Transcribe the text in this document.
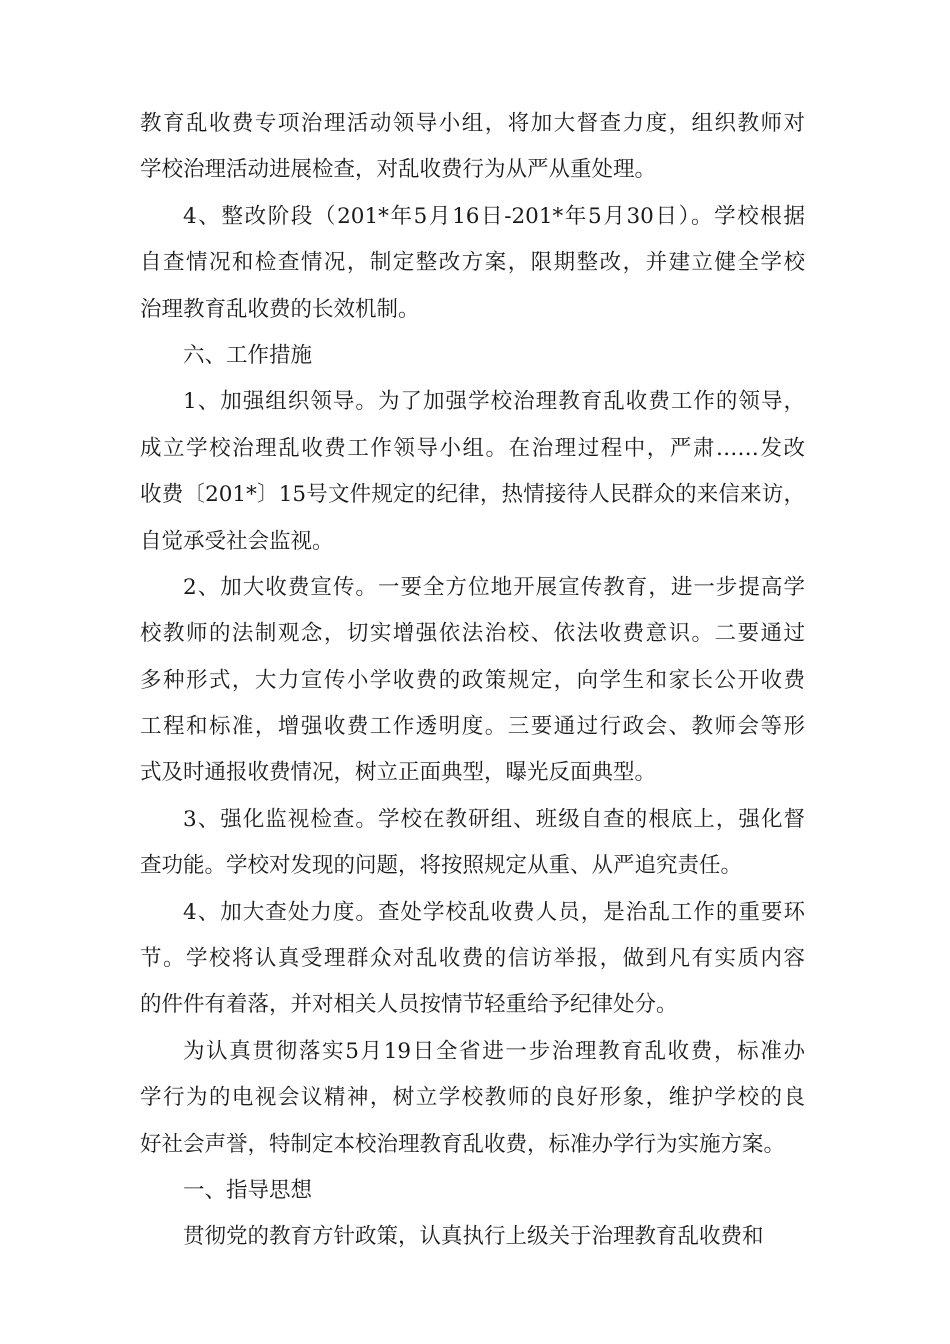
教育乱收费专项治理活动领导小组，将加大督查力度，组织教师对
学校治理活动进展检查，对乱收费行为从严从重处理。
4、整改阶段（201*年5月16日-201*年5月30日）。学校根据
自查情况和检查情况，制定整改方案，限期整改，并建立健全学校
治理教育乱收费的长效机制。
六、工作措施
1、加强组织领导。为了加强学校治理教育乱收费工作的领导，
成立学校治理乱收费工作领导小组。在治理过程中，严肃……发改
收费〔201*〕15号文件规定的纪律，热情接待人民群众的来信来访，
自觉承受社会监视。
2、加大收费宣传。一要全方位地开展宣传教育，进一步提高学
校教师的法制观念，切实增强依法治校、依法收费意识。二要通过
多种形式，大力宣传小学收费的政策规定，向学生和家长公开收费
工程和标准，增强收费工作透明度。三要通过行政会、教师会等形
式及时通报收费情况，树立正面典型，曝光反面典型。
3、强化监视检查。学校在教研组、班级自查的根底上，强化督
查功能。学校对发现的问题，将按照规定从重、从严追究责任。
4、加大查处力度。查处学校乱收费人员，是治乱工作的重要环
节。学校将认真受理群众对乱收费的信访举报，做到凡有实质内容
的件件有着落，并对相关人员按情节轻重给予纪律处分。
为认真贯彻落实5月19日全省进一步治理教育乱收费，标准办
学行为的电视会议精神，树立学校教师的良好形象，维护学校的良
好社会声誉，特制定本校治理教育乱收费，标准办学行为实施方案。
一、指导思想
贯彻党的教育方针政策，认真执行上级关于治理教育乱收费和
